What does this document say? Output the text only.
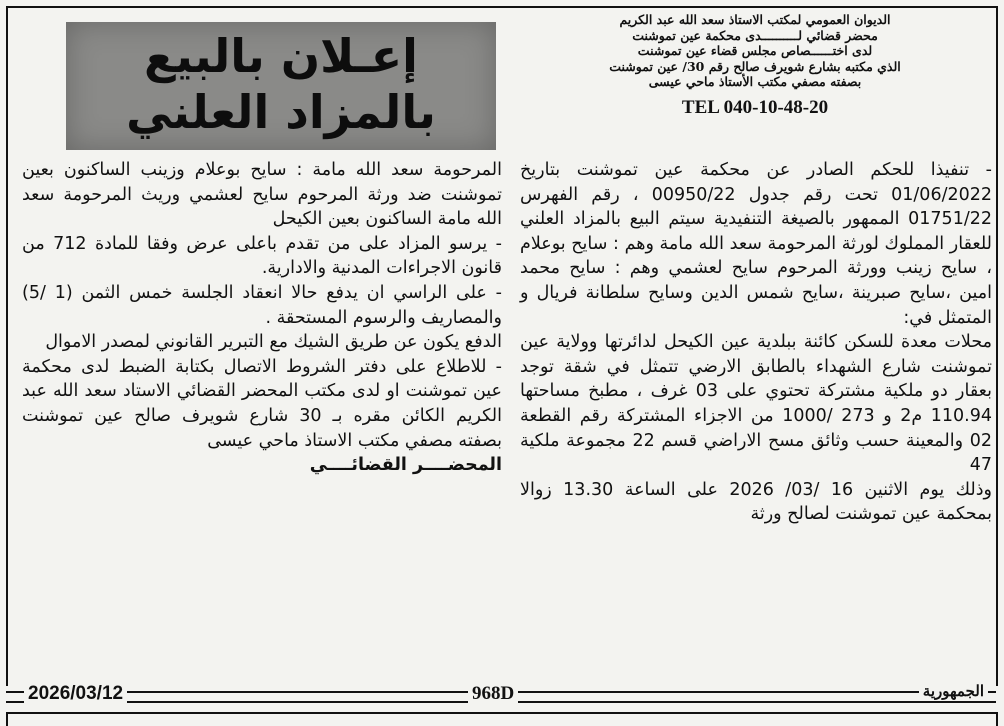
الديوان العمومي لمكتب الاستاذ سعد الله عبد الكريم
محضر قضائي لــــــــــدى محكمة عين تموشنت
لدى اختــــــصاص مجلس قضاء عين تموشنت
الذي مكتبه بشارع شويرف صالح رقم 30/ عين تموشنت
بصفته مصفي مكتب الأستاذ ماحي عيسى
TEL 040-10-48-20
إعـلان بالبيع
بالمزاد العلني

- تنفيذا للحكم الصادر عن محكمة عين تموشنت بتاريخ 01/06/2022 تحت رقم جدول 00950/22 ، رقم الفهرس 01751/22 الممهور بالصيغة التنفيدية سيتم البيع بالمزاد العلني للعقار المملوك لورثة المرحومة سعد الله مامة وهم : سايح بوعلام ، سايح زينب وورثة المرحوم سايح لعشمي وهم : سايح محمد امين ،سايح صبرينة ،سايح شمس الدين وسايح سلطانة فريال و المتمثل في:

محلات معدة للسكن كائنة ببلدية عين الكيحل لدائرتها وولاية عين تموشنت شارع الشهداء بالطابق الارضي تتمثل في شقة توجد بعقار دو ملكية مشتركة تحتوي على 03 غرف ، مطبخ مساحتها 110.94 م2 و 273 /1000 من الاجزاء المشتركة رقم القطعة 02 والمعينة حسب وثائق مسح الاراضي قسم 22 مجموعة ملكية 47

وذلك يوم الاثنين 16 /03/ 2026 على الساعة 13.30 زوالا بمحكمة عين تموشنت لصالح ورثة

المرحومة سعد الله مامة : سايح بوعلام وزينب الساكنون بعين تموشنت ضد ورثة المرحوم سايح لعشمي وريث المرحومة سعد الله مامة الساكنون بعين الكيحل

- يرسو المزاد على من تقدم باعلى عرض وفقا للمادة 712 من قانون الاجراءات المدنية والادارية.

- على الراسي ان يدفع حالا انعقاد الجلسة خمس الثمن (1 /5) والمصاريف والرسوم المستحقة .

الدفع يكون عن طريق الشيك مع التبرير القانوني لمصدر الاموال

- للاطلاع على دفتر الشروط الاتصال بكتابة الضبط لدى محكمة عين تموشنت او لدى مكتب المحضر القضائي الاستاد سعد الله عبد الكريم الكائن مقره بـ 30 شارع شويرف صالح عين تموشنت بصفته مصفي مكتب الاستاذ ماحي عيسى

المحضــــر القضائــــي

2026/03/12	968D	الجمهورية
